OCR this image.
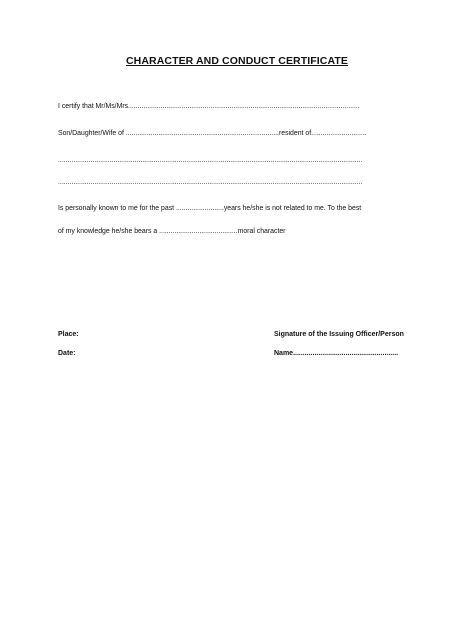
CHARACTER AND CONDUCT CERTIFICATE
I certify that Mr/Ms/Mrs.........................................................................................................................
Son/Daughter/Wife of ................................................................................resident of.............................
...............................................................................................................................................................
...............................................................................................................................................................
Is personally known to me for the past .........................years he/she is not related to me. To the best
of my knowledge he/she bears a .........................................moral character
Place:
Date:
Signature of the Issuing Officer/Person
Name......................................................
